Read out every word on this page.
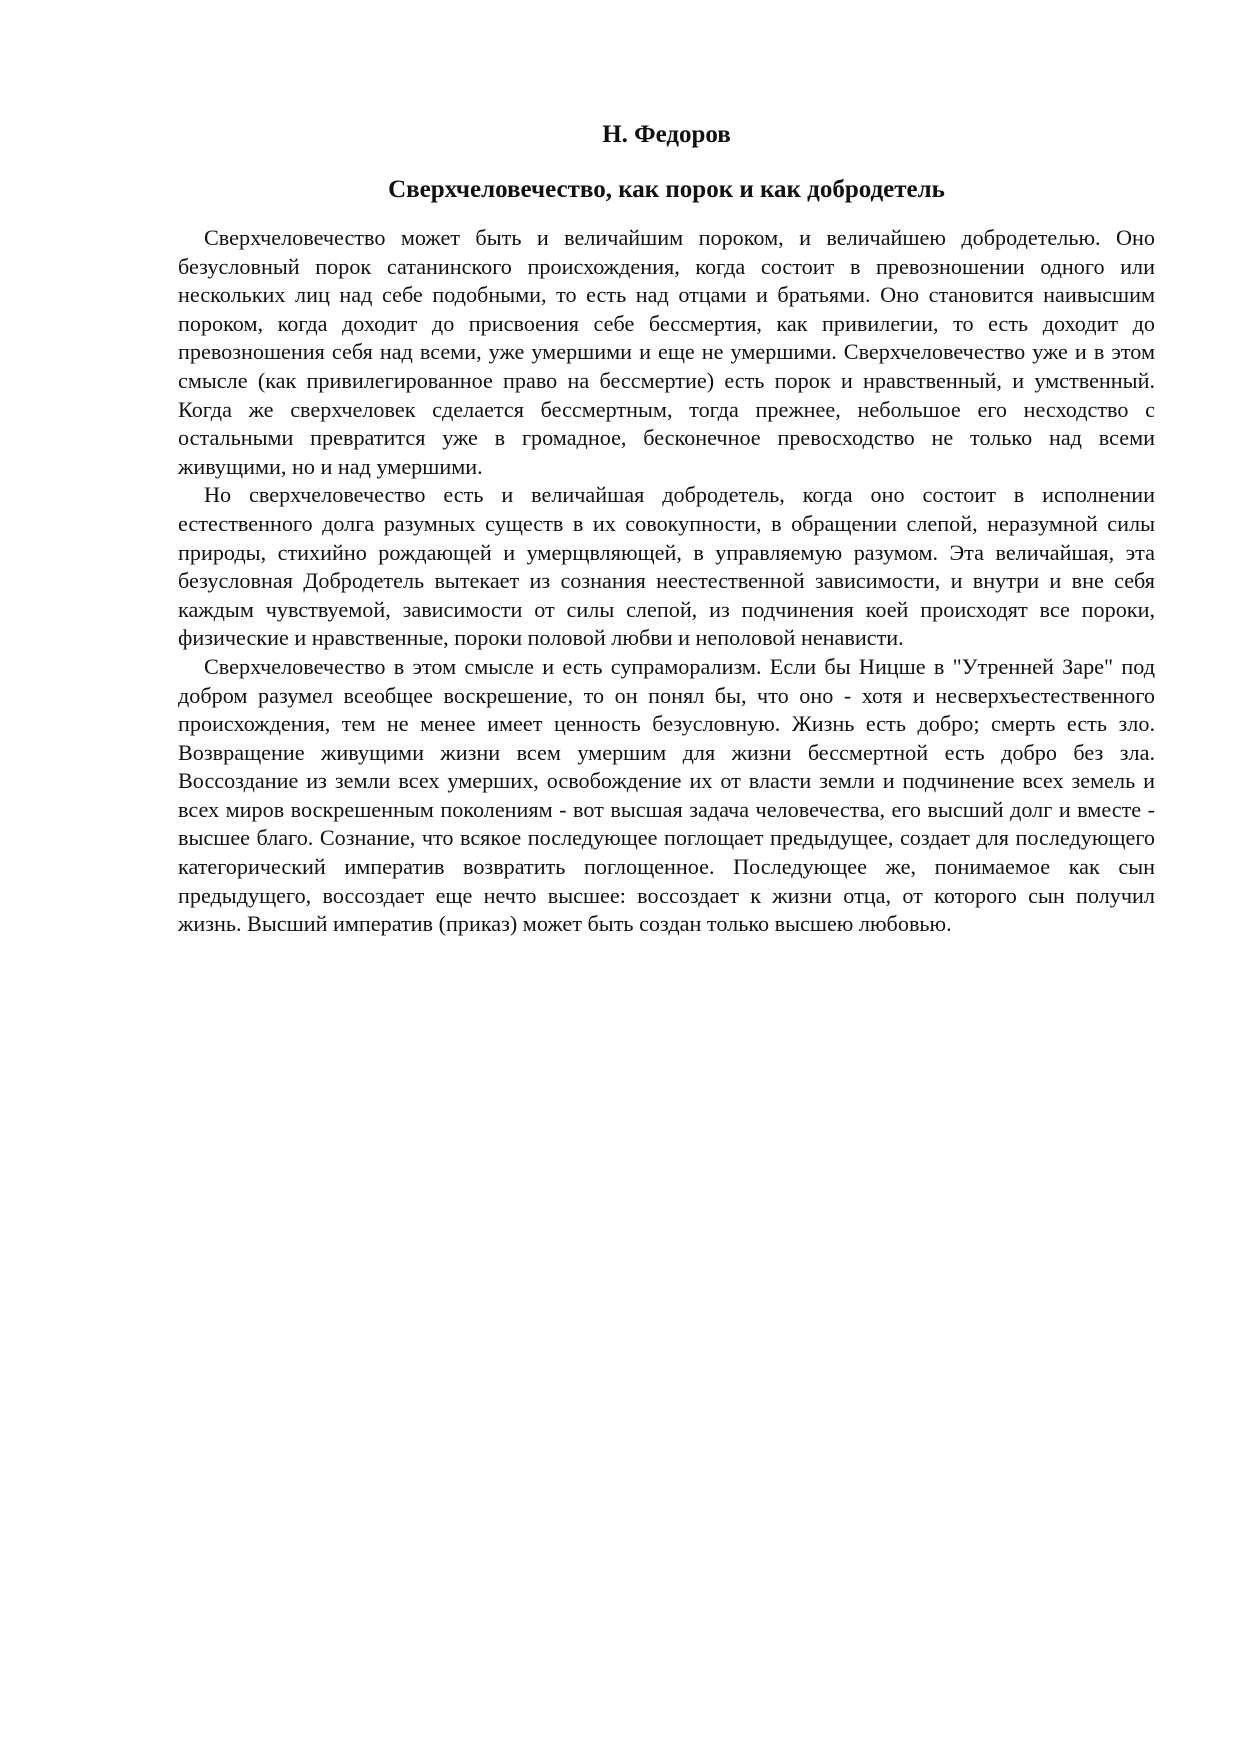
Н. Федоров
Сверхчеловечество, как порок и как добродетель

Сверхчеловечество может быть и величайшим пороком, и величайшею добродетелью. Оно безусловный порок сатанинского происхождения, когда состоит в превозношении одного или нескольких лиц над себе подобными, то есть над отцами и братьями. Оно становится наивысшим пороком, когда доходит до присвоения себе бессмертия, как привилегии, то есть доходит до превозношения себя над всеми, уже умершими и еще не умершими. Сверхчеловечество уже и в этом смысле (как привилегированное право на бессмертие) есть порок и нравственный, и умственный. Когда же сверхчеловек сделается бессмертным, тогда прежнее, небольшое его несходство с остальными превратится уже в громадное, бесконечное превосходство не только над всеми живущими, но и над умершими.

Но сверхчеловечество есть и величайшая добродетель, когда оно состоит в исполнении естественного долга разумных существ в их совокупности, в обращении слепой, неразумной силы природы, стихийно рождающей и умерщвляющей, в управляемую разумом. Эта величайшая, эта безусловная Добродетель вытекает из сознания неестественной зависимости, и внутри и вне себя каждым чувствуемой, зависимости от силы слепой, из подчинения коей происходят все пороки, физические и нравственные, пороки половой любви и неполовой ненависти.

Сверхчеловечество в этом смысле и есть супраморализм. Если бы Ницше в "Утренней Заре" под добром разумел всеобщее воскрешение, то он понял бы, что оно - хотя и несверхъестественного происхождения, тем не менее имеет ценность безусловную. Жизнь есть добро; смерть есть зло. Возвращение живущими жизни всем умершим для жизни бессмертной есть добро без зла. Воссоздание из земли всех умерших, освобождение их от власти земли и подчинение всех земель и всех миров воскрешенным поколениям - вот высшая задача человечества, его высший долг и вместе - высшее благо. Сознание, что всякое последующее поглощает предыдущее, создает для последующего категорический императив возвратить поглощенное. Последующее же, понимаемое как сын предыдущего, воссоздает еще нечто высшее: воссоздает к жизни отца, от которого сын получил жизнь. Высший императив (приказ) может быть создан только высшею любовью.
